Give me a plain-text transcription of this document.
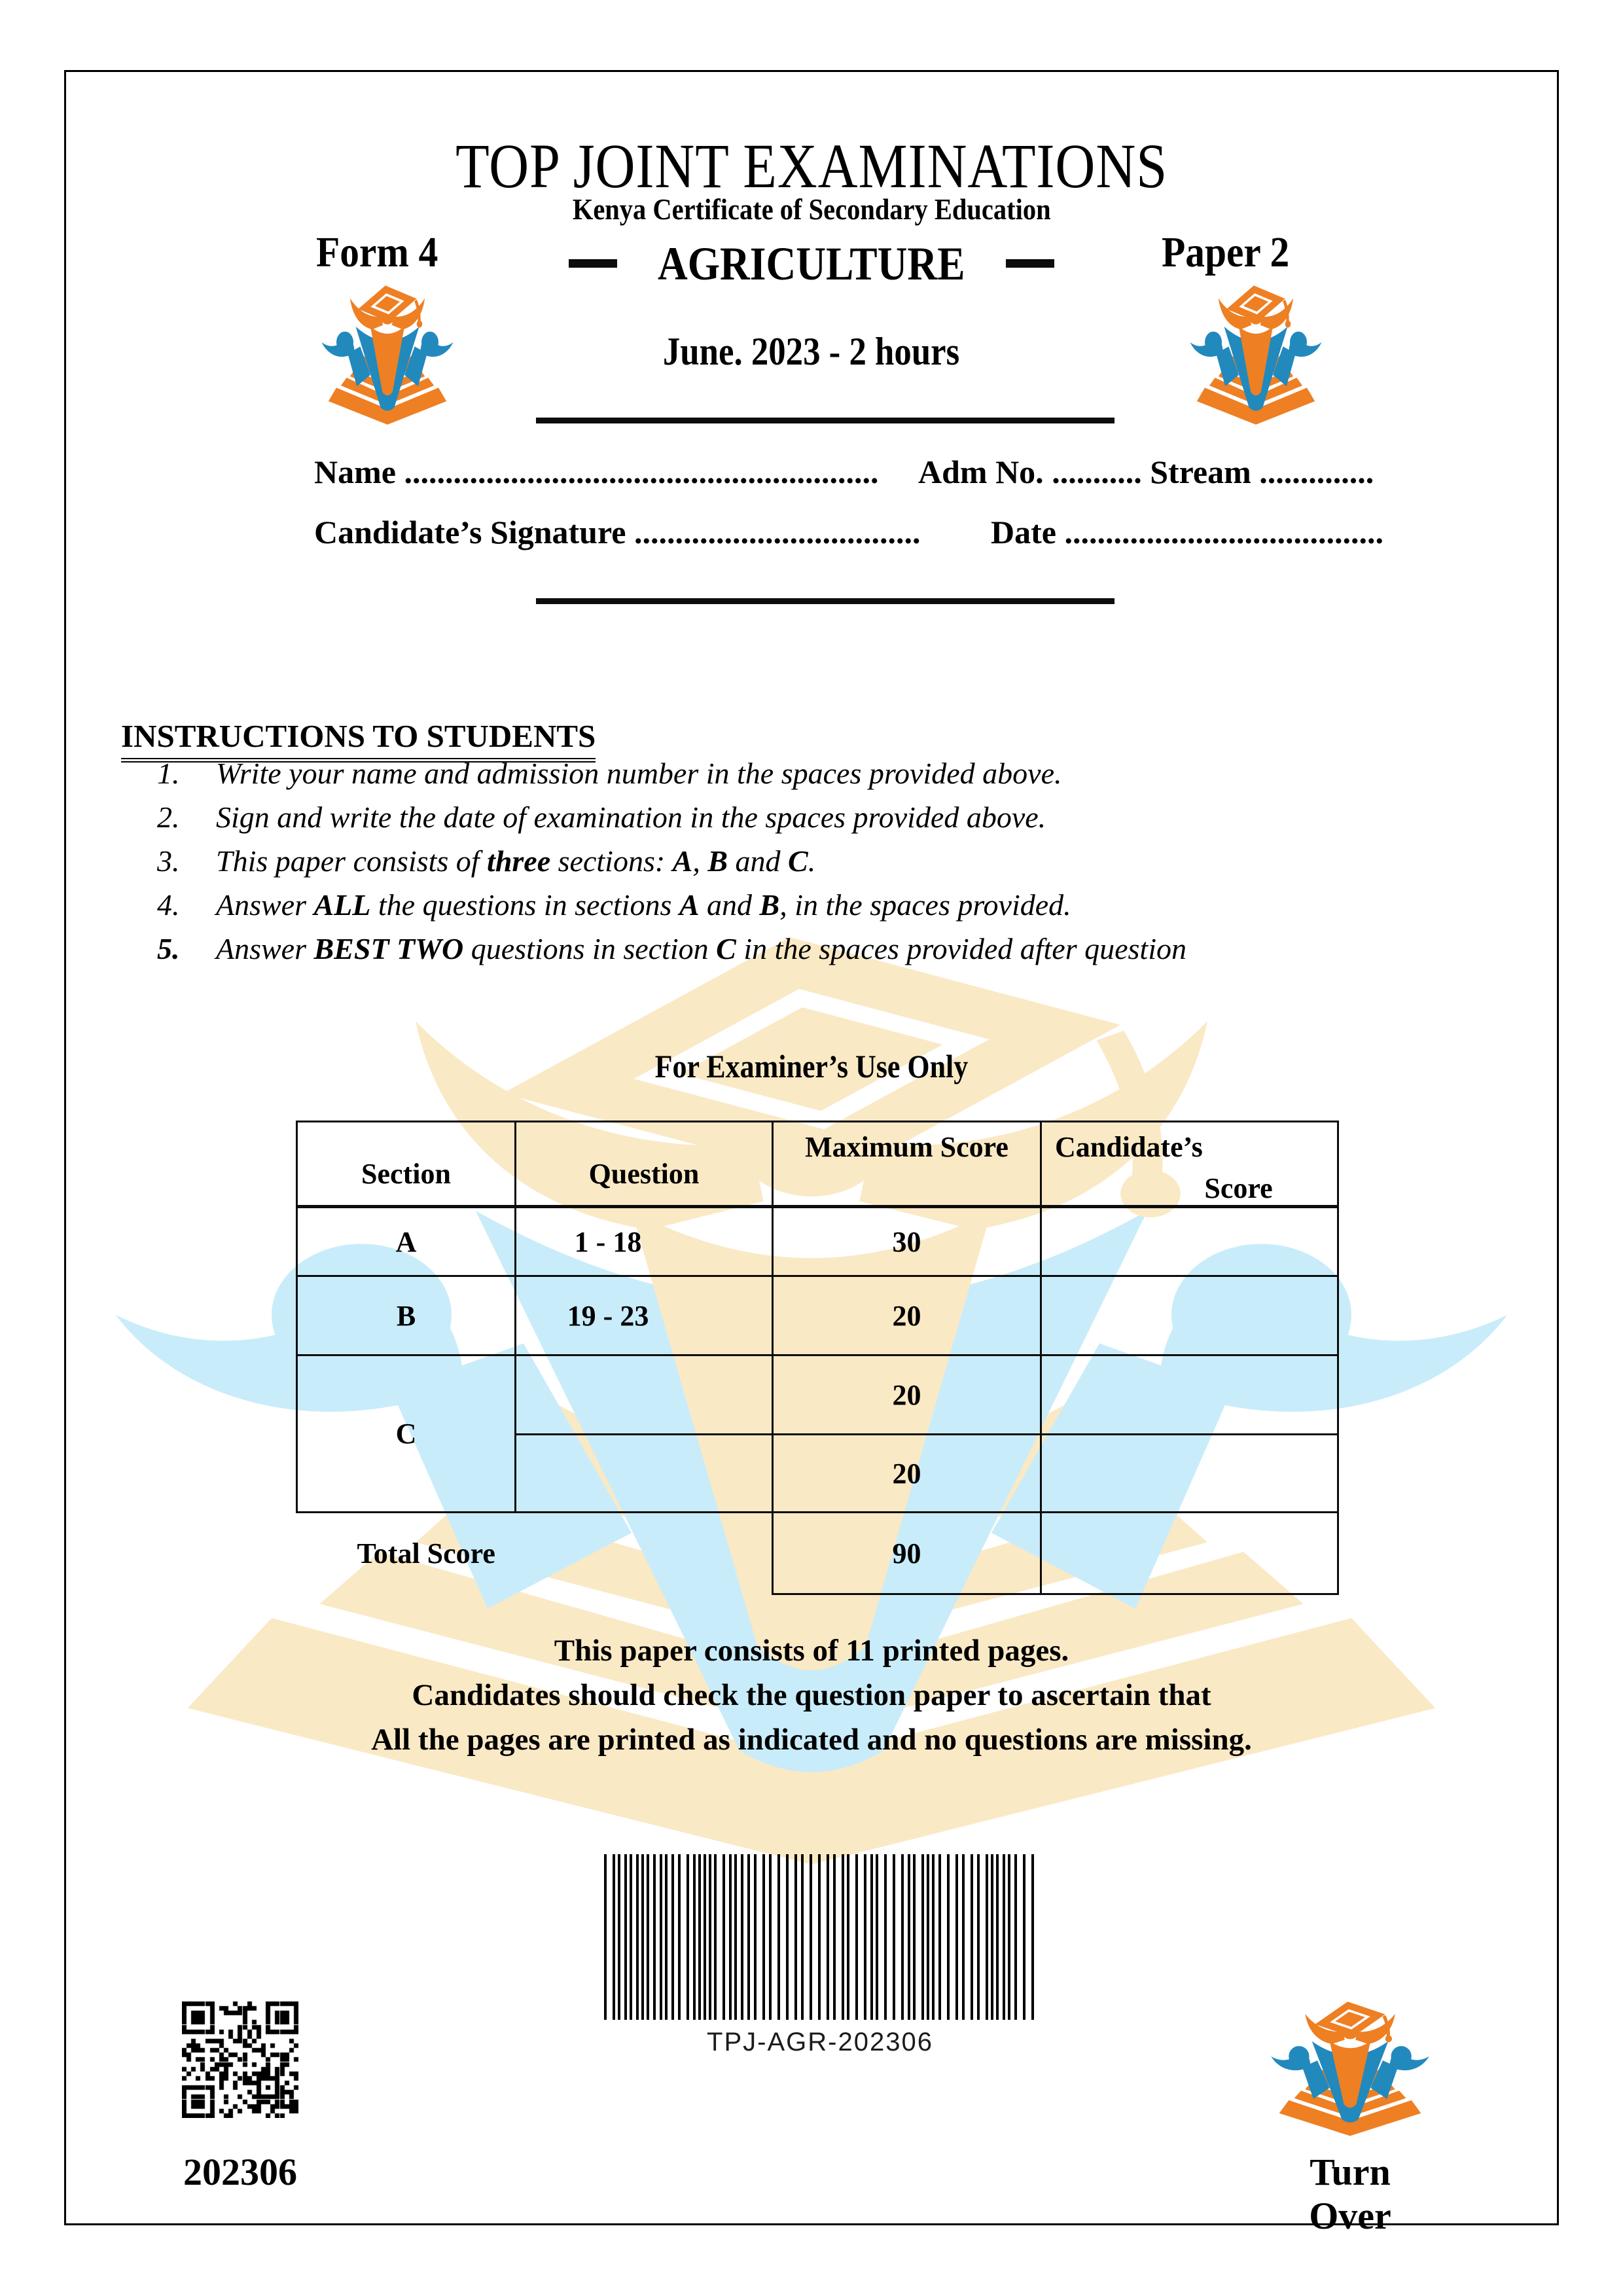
TOP JOINT EXAMINATIONS
Kenya Certificate of Secondary Education
Form 4	Paper 2
AGRICULTURE
June. 2023 - 2 hours
Name .......................................................... Adm No. ........... Stream ..............
Candidate’s Signature ................................... Date .......................................
INSTRUCTIONS TO STUDENTS
1. Write your name and admission number in the spaces provided above.
2. Sign and write the date of examination in the spaces provided above.
3. This paper consists of three sections: A, B and C.
4. Answer ALL the questions in sections A and B, in the spaces provided.
5. Answer BEST TWO questions in section C in the spaces provided after question
For Examiner’s Use Only
Section	Question	Maximum Score	Candidate’s
Score

A	1 - 18	30	
B	19 - 23	20	
C		20	
		20	
Total Score		90	
This paper consists of 11 printed pages.
Candidates should check the question paper to ascertain that
All the pages are printed as indicated and no questions are missing.
TPJ-AGR-202306
202306	Turn Over
